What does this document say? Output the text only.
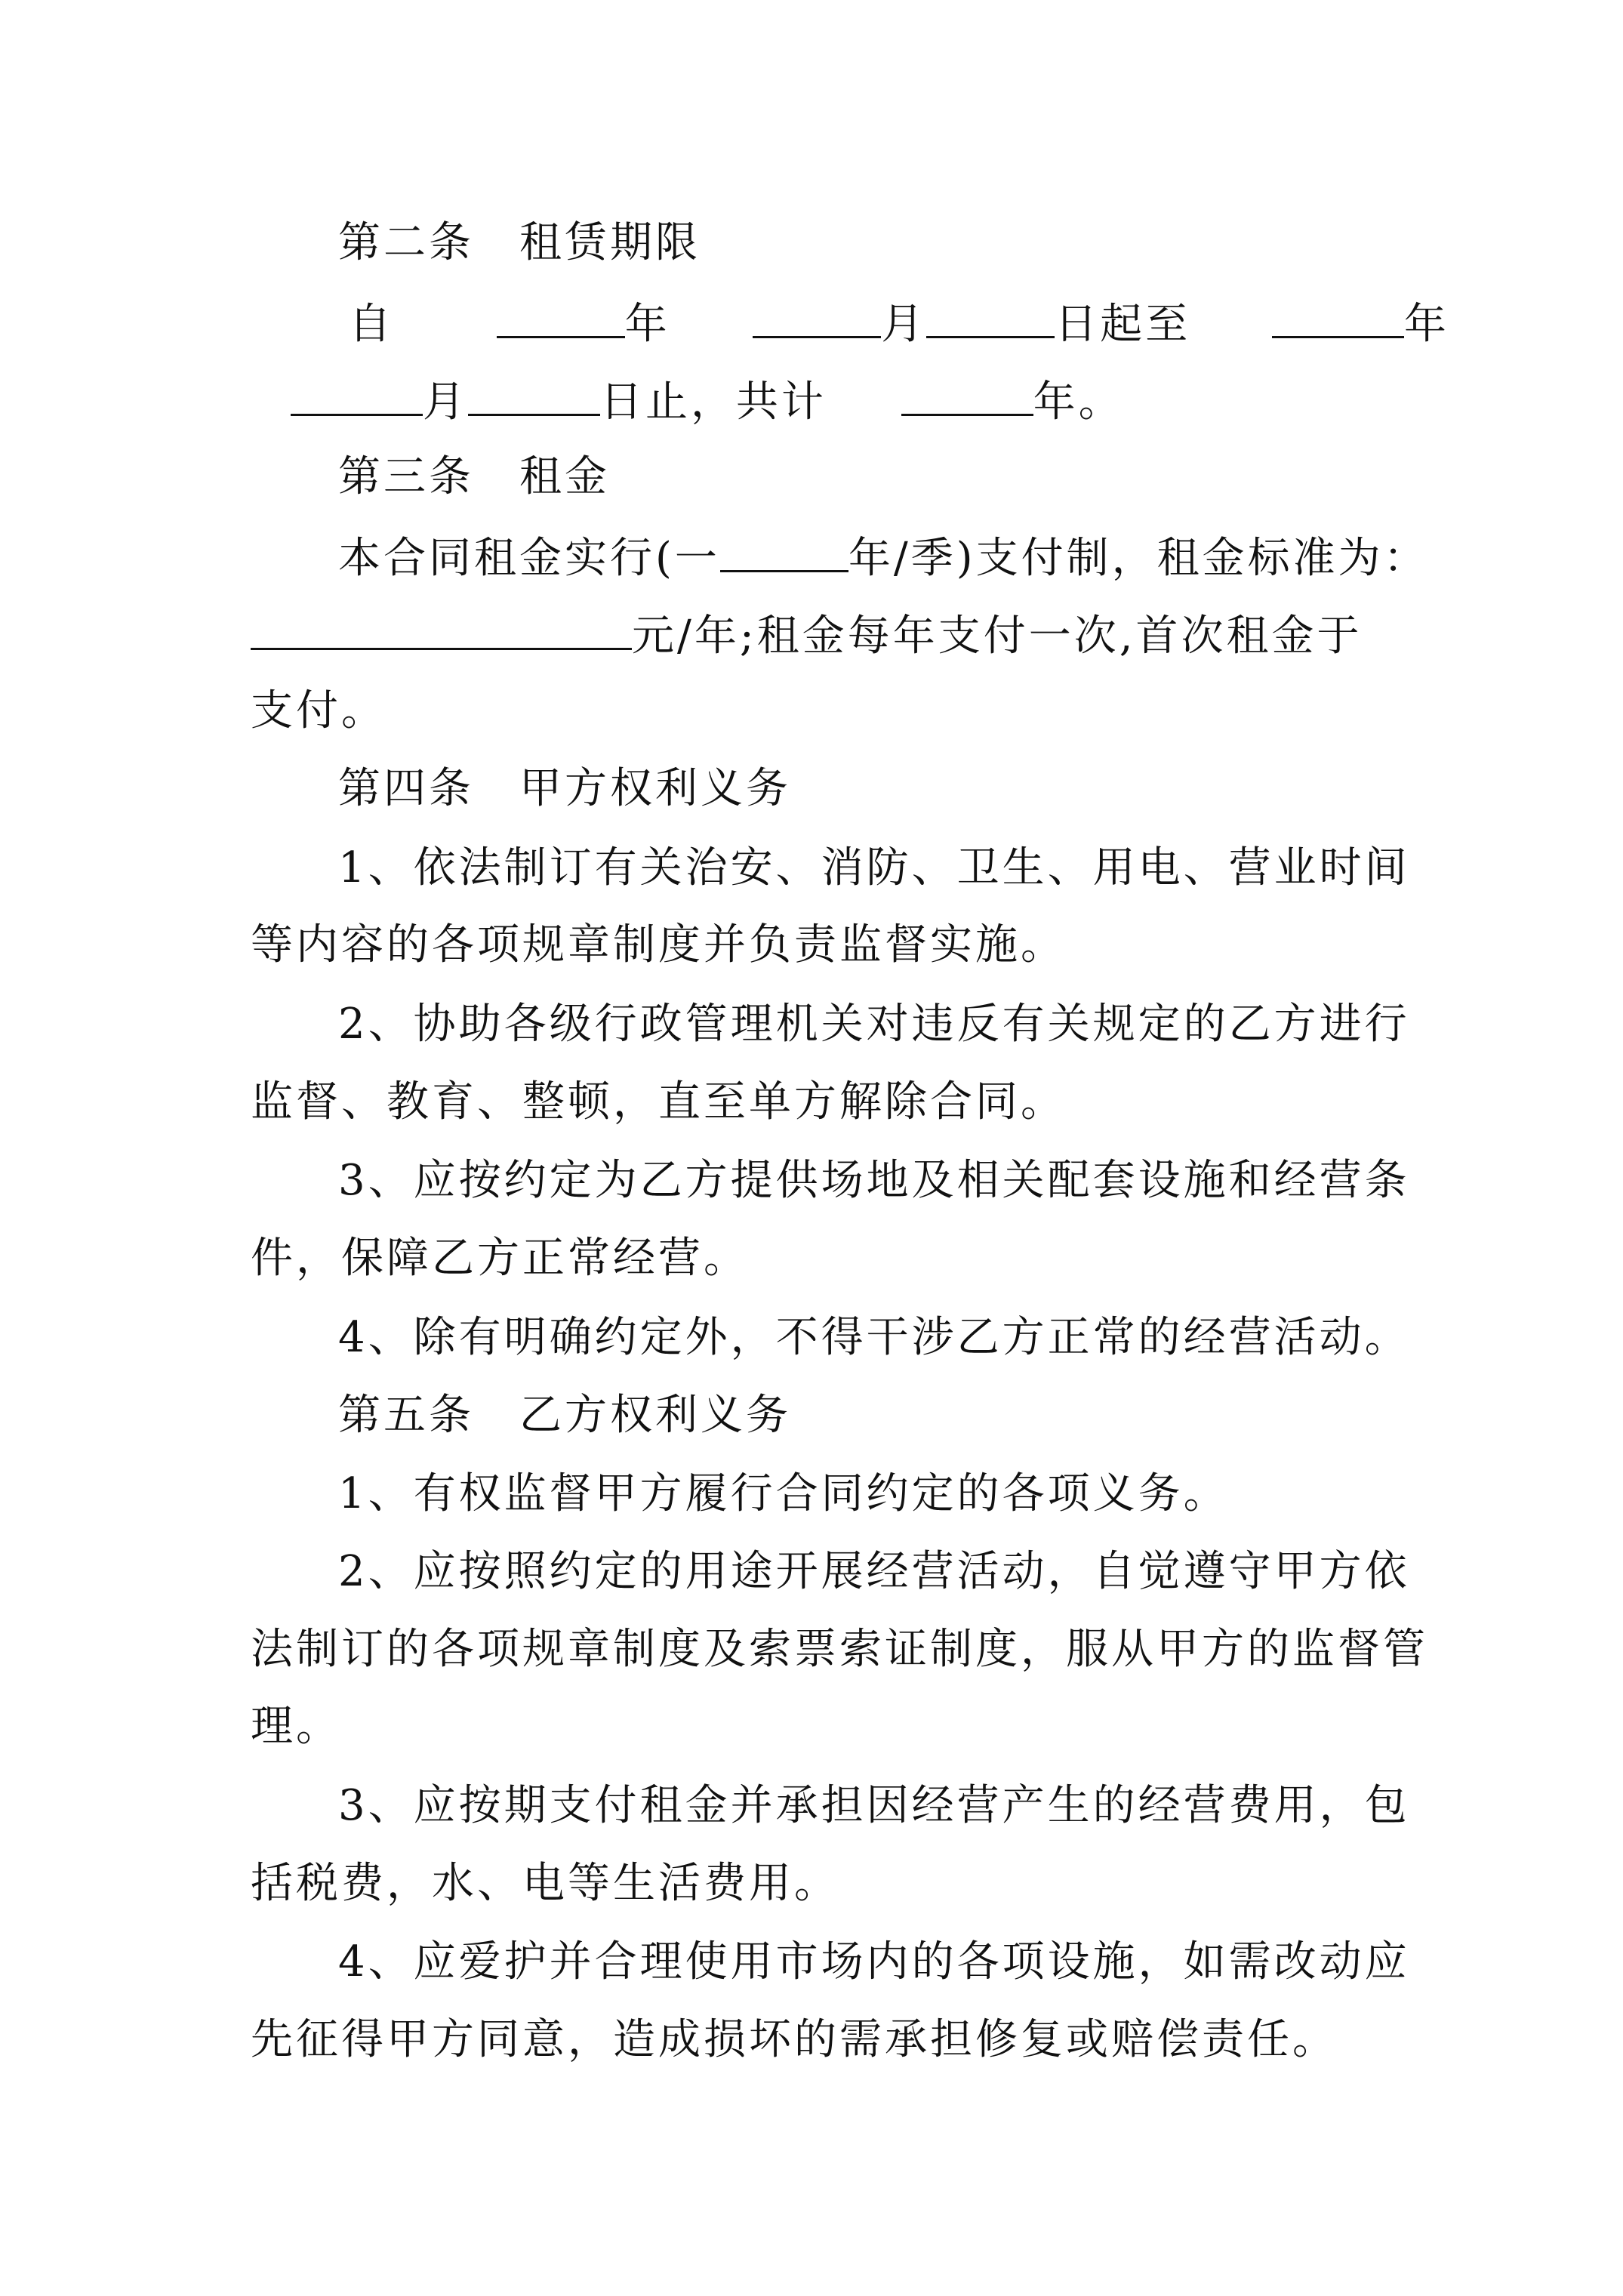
第二条　租赁期限
自	年	月	日起至	年
月	日止，共计	年。
第三条　租金
本合同租金实行(一	年/季)支付制，租金标准为：
元/年;租金每年支付一次,首次租金于
支付。
第四条　甲方权利义务
1、依法制订有关治安、消防、卫生、用电、营业时间
等内容的各项规章制度并负责监督实施。
2、协助各级行政管理机关对违反有关规定的乙方进行
监督、教育、整顿，直至单方解除合同。
3、应按约定为乙方提供场地及相关配套设施和经营条
件，保障乙方正常经营。
4、除有明确约定外，不得干涉乙方正常的经营活动。
第五条　乙方权利义务
1、有权监督甲方履行合同约定的各项义务。
2、应按照约定的用途开展经营活动，自觉遵守甲方依
法制订的各项规章制度及索票索证制度，服从甲方的监督管
理。
3、应按期支付租金并承担因经营产生的经营费用，包
括税费，水、电等生活费用。
4、应爱护并合理使用市场内的各项设施，如需改动应
先征得甲方同意，造成损坏的需承担修复或赔偿责任。
